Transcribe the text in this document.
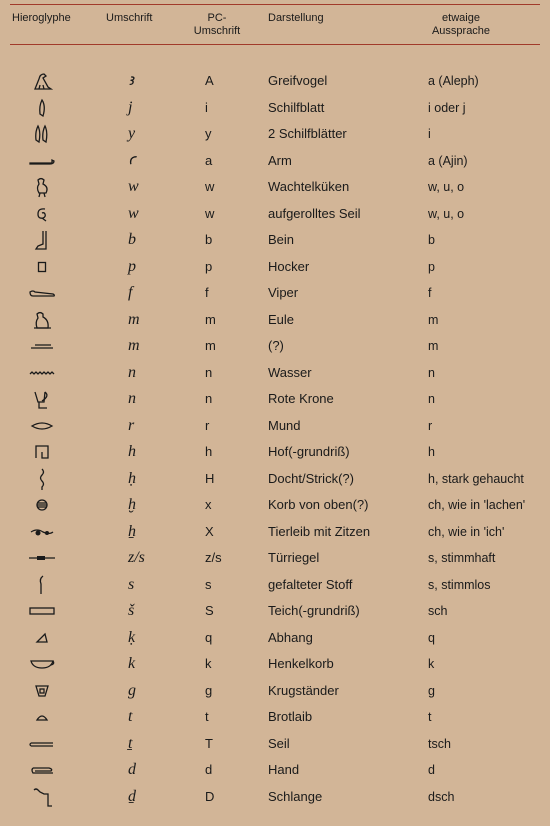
Hieroglyphe	Umschrift	PC-
Umschrift
Darstellung	etwaige
Aussprache
ꜣ	A	Greifvogel	a (Aleph)
j	i	Schilfblatt	i oder j
y	y	2 Schilfblätter	i
ꜥ	a	Arm	a (Ajin)
w	w	Wachtelküken	w, u, o
w	w	aufgerolltes Seil	w, u, o
b	b	Bein	b
p	p	Hocker	p
f	f	Viper	f
m	m	Eule	m
m	m	(?)	m
n	n	Wasser	n
n	n	Rote Krone	n
r	r	Mund	r
h	h	Hof(-grundriß)	h
ḥ	H	Docht/Strick(?)	h, stark gehaucht
ḫ	x	Korb von oben(?)	ch, wie in 'lachen'
ẖ	X	Tierleib mit Zitzen	ch, wie in 'ich'
z/s	z/s	Türriegel	s, stimmhaft
s	s	gefalteter Stoff	s, stimmlos
š	S	Teich(-grundriß)	sch
ḳ	q	Abhang	q
k	k	Henkelkorb	k
g	g	Krugständer	g
t	t	Brotlaib	t
ṯ	T	Seil	tsch
d	d	Hand	d
ḏ	D	Schlange	dsch
